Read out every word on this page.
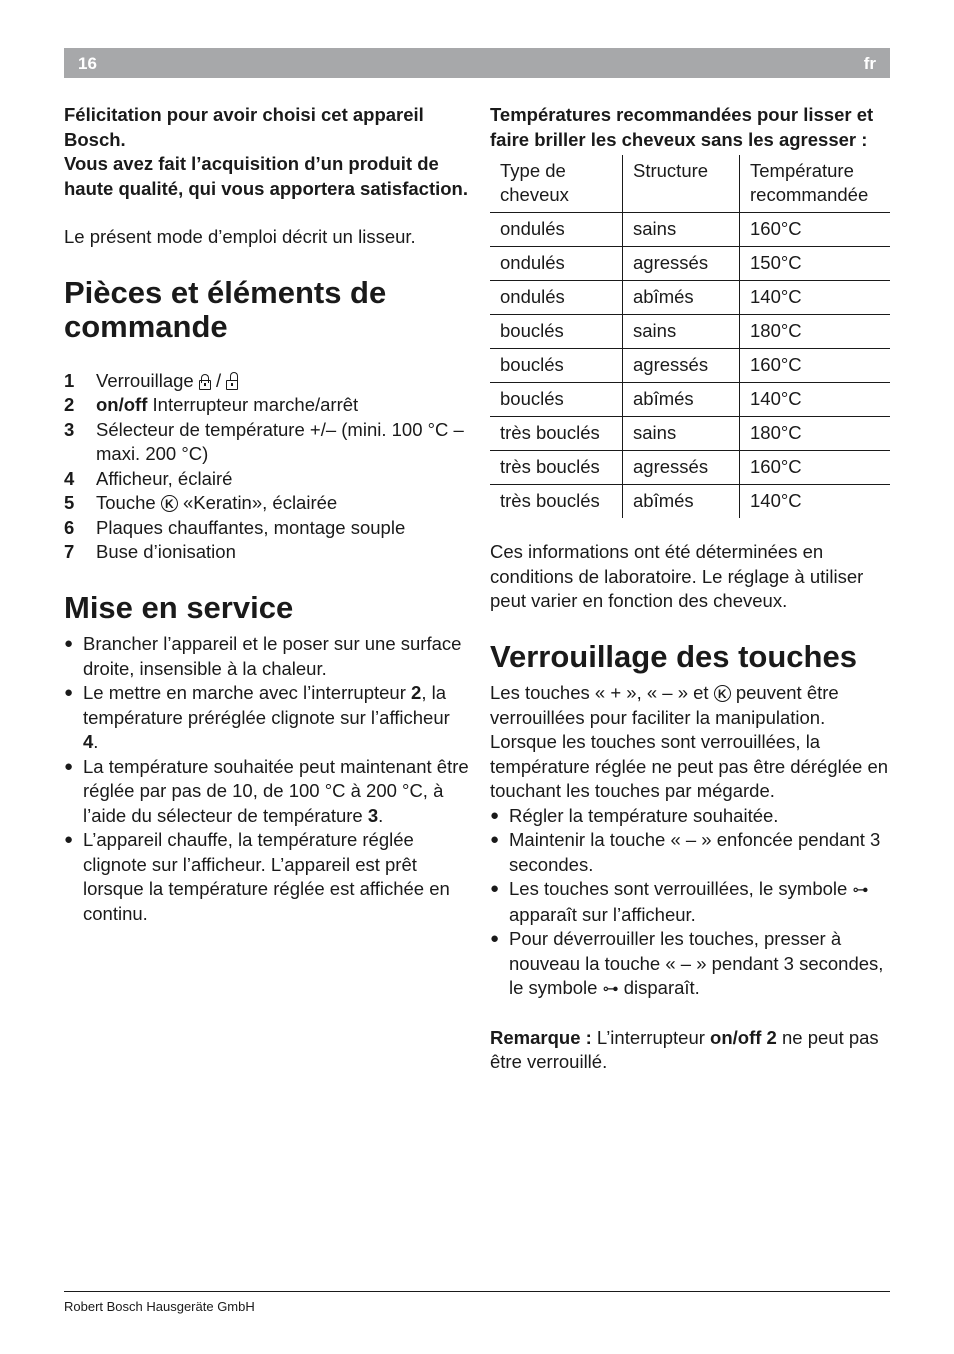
16	fr

Félicitation pour avoir choisi cet appareil Bosch.

Vous avez fait l’acquisition d’un produit de haute qualité, qui vous apportera satisfaction.

Le présent mode d’emploi décrit un lisseur.

Pièces et éléments de commande
1 Verrouillage /
2 on/off Interrupteur marche/arrêt
3 Sélecteur de température +/– (mini. 100 °C – maxi. 200 °C)
4 Afficheur, éclairé
5 Touche K «Keratin», éclairée
6 Plaques chauffantes, montage souple
7 Buse d’ionisation
Mise en service
● Brancher l’appareil et le poser sur une surface droite, insensible à la chaleur.
● Le mettre en marche avec l’interrupteur 2, la température préréglée clignote sur l’afficheur 4.
● La température souhaitée peut maintenant être réglée par pas de 10, de 100 °C à 200 °C, à l’aide du sélecteur de température 3.
● L’appareil chauffe, la température réglée clignote sur l’afficheur. L’appareil est prêt lorsque la température réglée est affichée en continu.

Températures recommandées pour lisser et faire briller les cheveux sans les agresser :

Type de cheveux	Structure	Température recommandée
ondulés	sains	160°C
ondulés	agressés	150°C
ondulés	abîmés	140°C
bouclés	sains	180°C
bouclés	agressés	160°C
bouclés	abîmés	140°C
très bouclés	sains	180°C
très bouclés	agressés	160°C
très bouclés	abîmés	140°C

Ces informations ont été déterminées en conditions de laboratoire. Le réglage à utiliser peut varier en fonction des cheveux.

Verrouillage des touches

Les touches « + », « – » et K peuvent être verrouillées pour faciliter la manipulation. Lorsque les touches sont verrouillées, la température réglée ne peut pas être déréglée en touchant les touches par mégarde.

● Régler la température souhaitée.
● Maintenir la touche « – » enfoncée pendant 3 secondes.
● Les touches sont verrouillées, le symbole ⊶ apparaît sur l’afficheur.
● Pour déverrouiller les touches, presser à nouveau la touche « – » pendant 3 secondes, le symbole ⊶ disparaît.

Remarque : L’interrupteur on/off 2 ne peut pas être verrouillé.

Robert Bosch Hausgeräte GmbH
